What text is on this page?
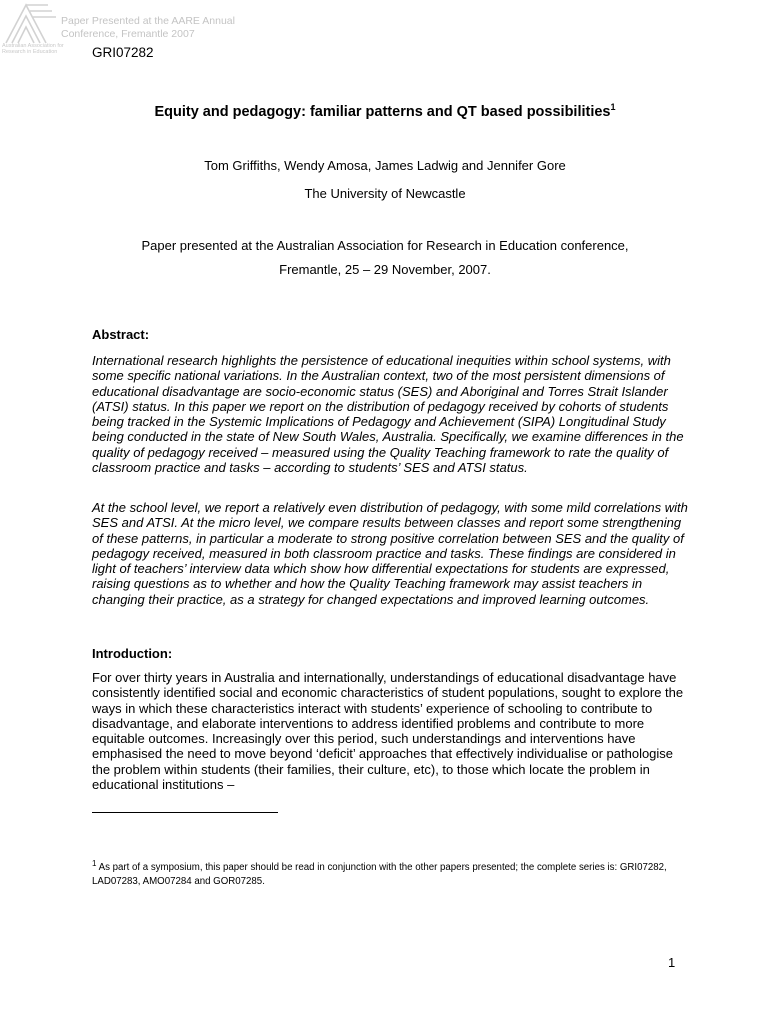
Australian Association for Research in Education
Paper Presented at the AARE Annual
Conference, Fremantle 2007
GRI07282
Equity and pedagogy: familiar patterns and QT based possibilities$^1$
Tom Griffiths, Wendy Amosa, James Ladwig and Jennifer Gore
The University of Newcastle
Paper presented at the Australian Association for Research in Education conference,
Fremantle, 25 – 29 November, 2007.
Abstract:

International research highlights the persistence of educational inequities within school systems, with some specific national variations. In the Australian context, two of the most persistent dimensions of educational disadvantage are socio-economic status (SES) and Aboriginal and Torres Strait Islander (ATSI) status. In this paper we report on the distribution of pedagogy received by cohorts of students being tracked in the Systemic Implications of Pedagogy and Achievement (SIPA) Longitudinal Study being conducted in the state of New South Wales, Australia. Specifically, we examine differences in the quality of pedagogy received – measured using the Quality Teaching framework to rate the quality of classroom practice and tasks – according to students’ SES and ATSI status.

At the school level, we report a relatively even distribution of pedagogy, with some mild correlations with SES and ATSI. At the micro level, we compare results between classes and report some strengthening of these patterns, in particular a moderate to strong positive correlation between SES and the quality of pedagogy received, measured in both classroom practice and tasks. These findings are considered in light of teachers’ interview data which show how differential expectations for students are expressed, raising questions as to whether and how the Quality Teaching framework may assist teachers in changing their practice, as a strategy for changed expectations and improved learning outcomes.

Introduction:

For over thirty years in Australia and internationally, understandings of educational disadvantage have consistently identified social and economic characteristics of student populations, sought to explore the ways in which these characteristics interact with students’ experience of schooling to contribute to disadvantage, and elaborate interventions to address identified problems and contribute to more equitable outcomes. Increasingly over this period, such understandings and interventions have emphasised the need to move beyond ‘deficit’ approaches that effectively individualise or pathologise the problem within students (their families, their culture, etc), to those which locate the problem in educational institutions –

$^1$ As part of a symposium, this paper should be read in conjunction with the other papers presented; the complete series is: GRI07282, LAD07283, AMO07284 and GOR07285.

1
